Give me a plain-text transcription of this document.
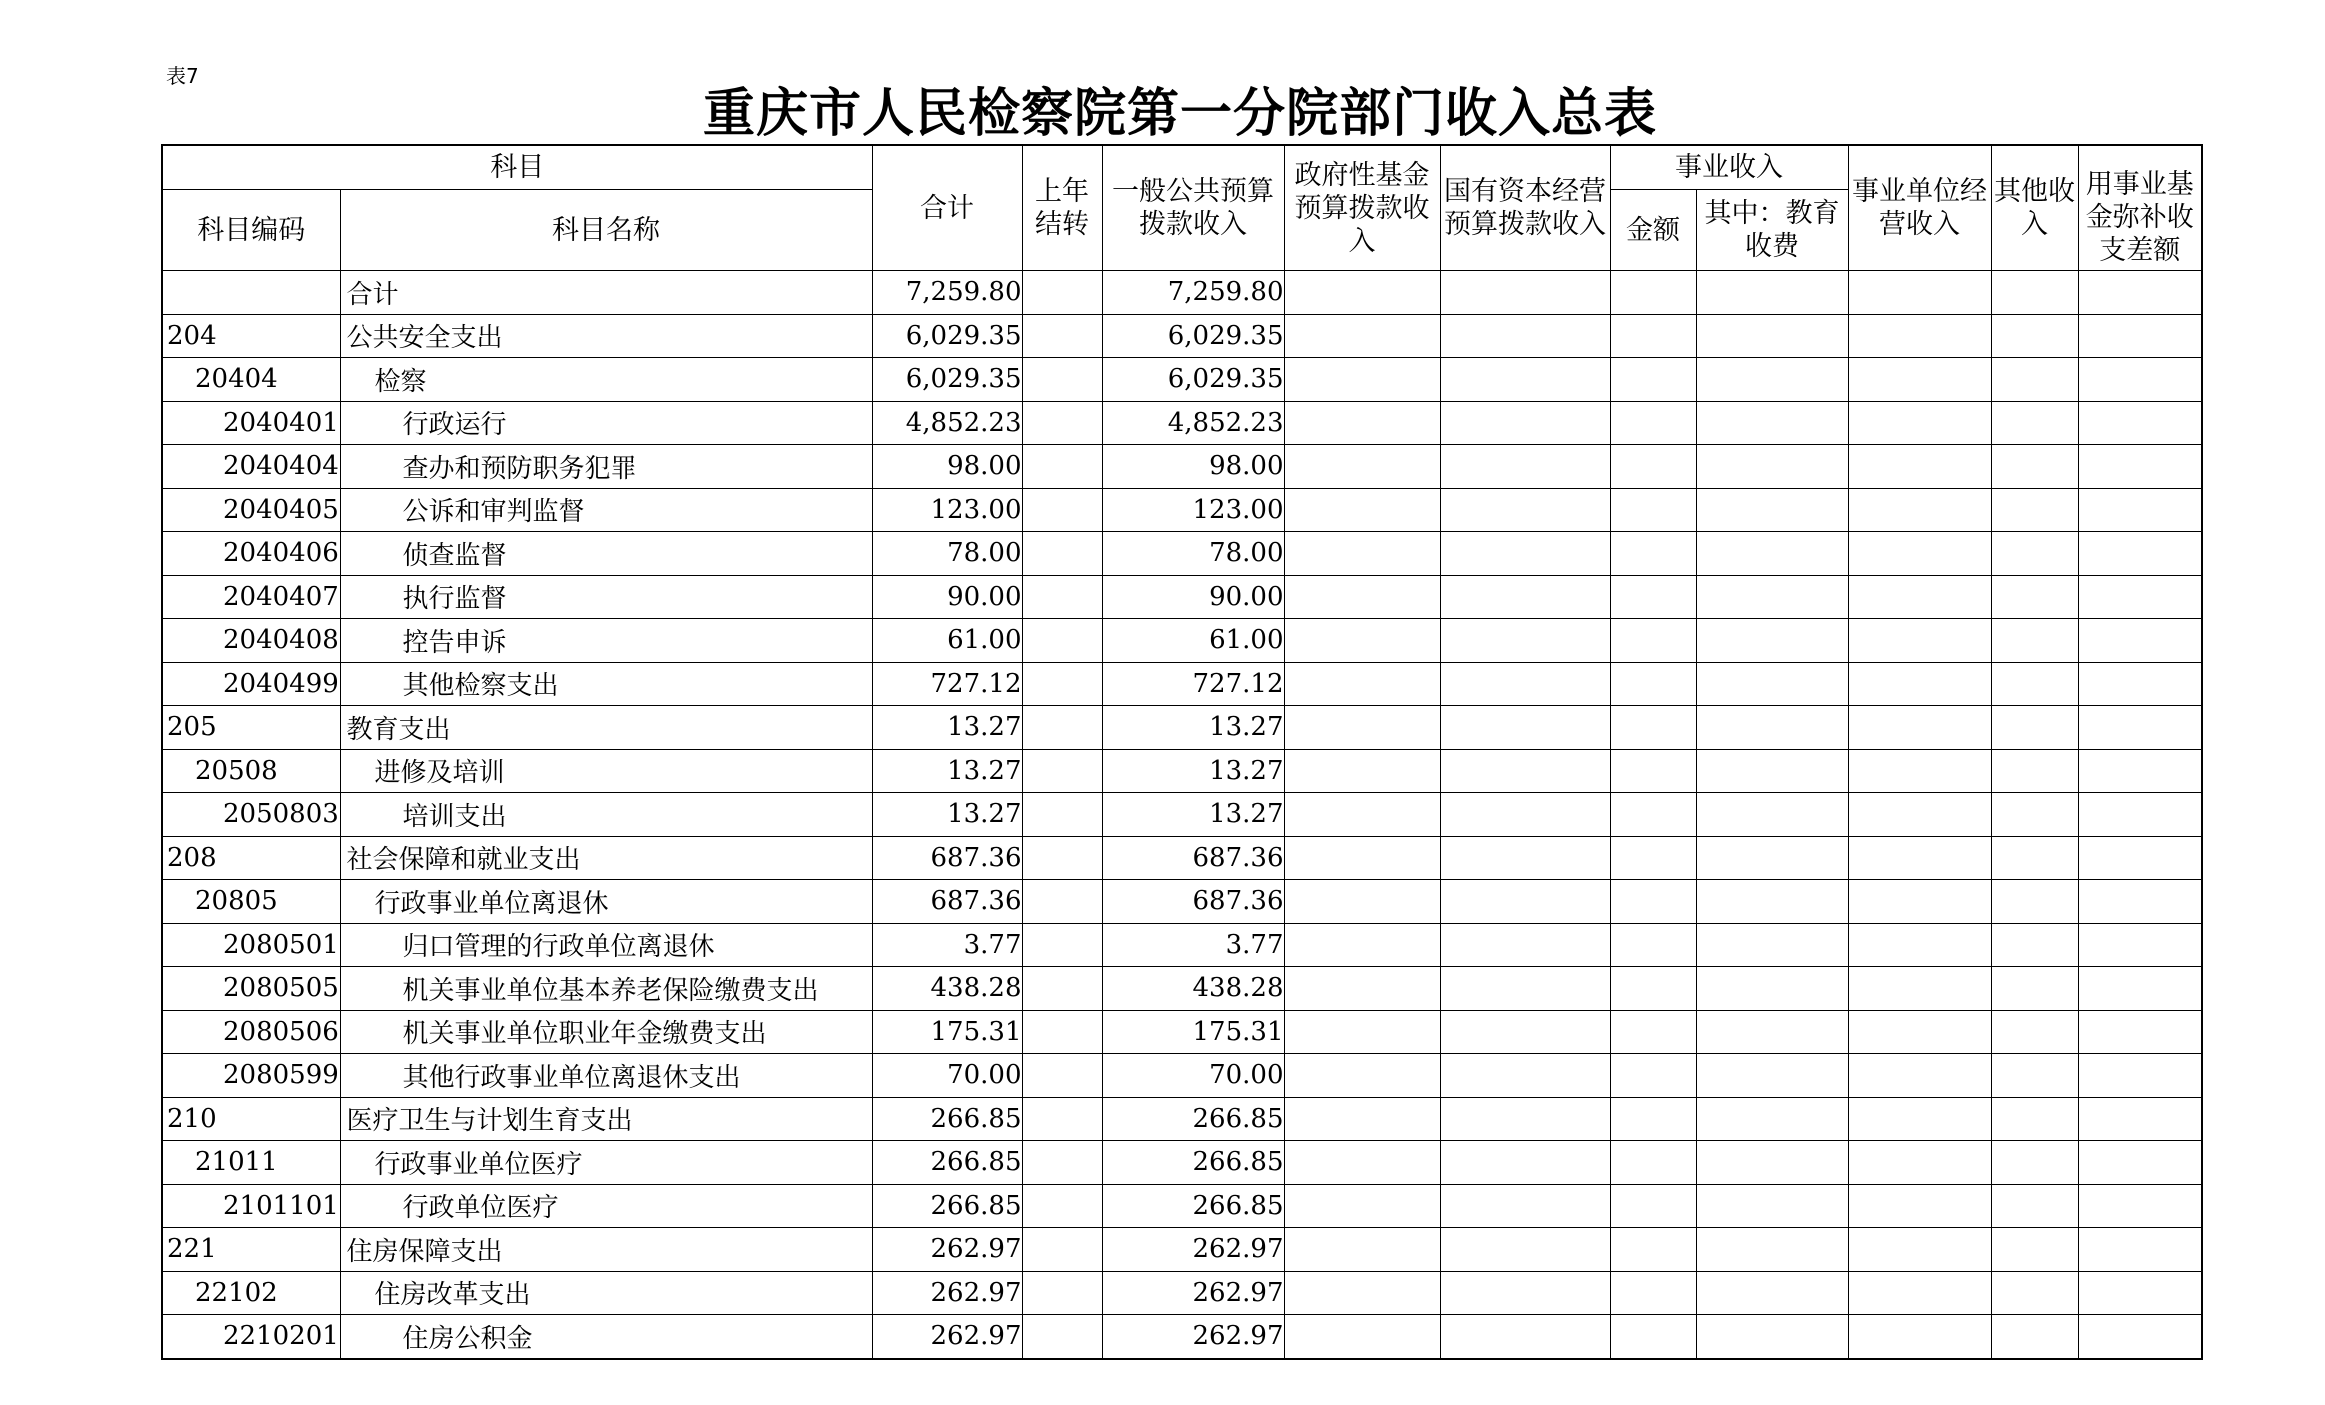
表7
重庆市人民检察院第一分院部门收入总表
科目		合计	上年结转	一般公共预算拨款收入	政府性基金预算拨款收入	国有资本经营预算拨款收入	事业收入		事业单位经营收入	其他收入	用事业基金弥补收支差额

科目编码	科目名称						金额	其中：教育收费			
	合计	7,259.80		7,259.80							
204	公共安全支出	6,029.35		6,029.35							
20404	检察	6,029.35		6,029.35							
2040401	行政运行	4,852.23		4,852.23							
2040404	查办和预防职务犯罪	98.00		98.00							
2040405	公诉和审判监督	123.00		123.00							
2040406	侦查监督	78.00		78.00							
2040407	执行监督	90.00		90.00							
2040408	控告申诉	61.00		61.00							
2040499	其他检察支出	727.12		727.12							
205	教育支出	13.27		13.27							
20508	进修及培训	13.27		13.27							
2050803	培训支出	13.27		13.27							
208	社会保障和就业支出	687.36		687.36							
20805	行政事业单位离退休	687.36		687.36							
2080501	归口管理的行政单位离退休	3.77		3.77							
2080505	机关事业单位基本养老保险缴费支出	438.28		438.28							
2080506	机关事业单位职业年金缴费支出	175.31		175.31							
2080599	其他行政事业单位离退休支出	70.00		70.00							
210	医疗卫生与计划生育支出	266.85		266.85							
21011	行政事业单位医疗	266.85		266.85							
2101101	行政单位医疗	266.85		266.85							
221	住房保障支出	262.97		262.97							
22102	住房改革支出	262.97		262.97							
2210201	住房公积金	262.97		262.97							
